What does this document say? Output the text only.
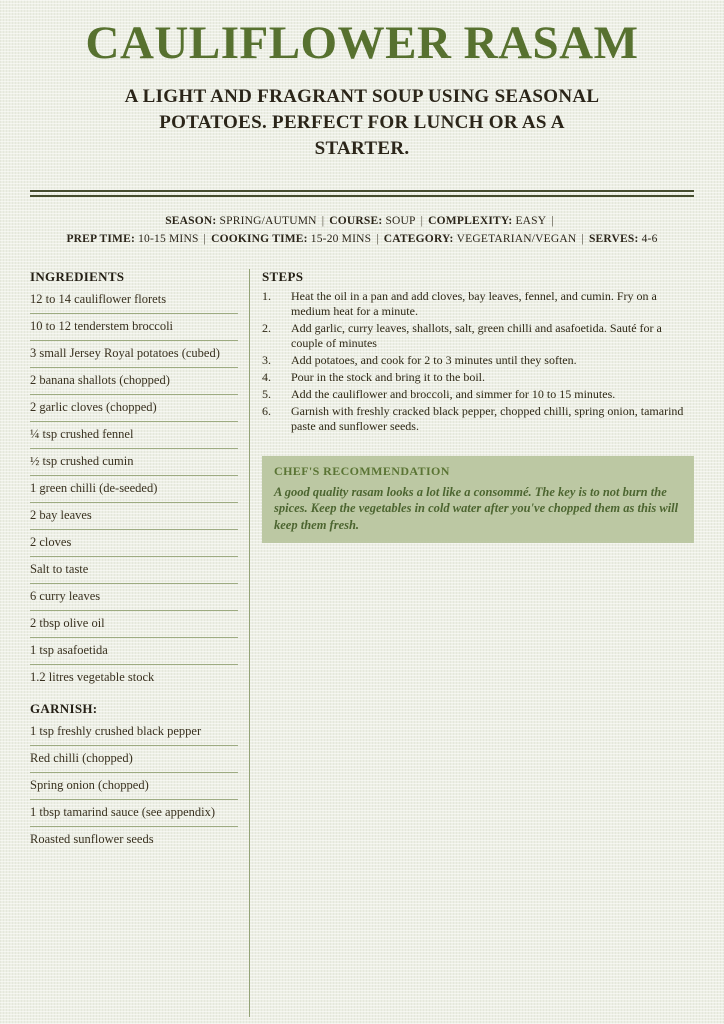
CAULIFLOWER RASAM

A LIGHT AND FRAGRANT SOUP USING SEASONAL POTATOES. PERFECT FOR LUNCH OR AS A STARTER.

SEASON: SPRING/AUTUMN | COURSE: SOUP | COMPLEXITY: EASY |

PREP TIME: 10-15 MINS | COOKING TIME: 15-20 MINS | CATEGORY: VEGETARIAN/VEGAN | SERVES: 4-6

INGREDIENTS
12 to 14 cauliflower florets
10 to 12 tenderstem broccoli
3 small Jersey Royal potatoes (cubed)
2 banana shallots (chopped)
2 garlic cloves (chopped)
¼ tsp crushed fennel
½ tsp crushed cumin
1 green chilli (de-seeded)
2 bay leaves
2 cloves
Salt to taste
6 curry leaves
2 tbsp olive oil
1 tsp asafoetida
1.2 litres vegetable stock
GARNISH:
1 tsp freshly crushed black pepper
Red chilli (chopped)
Spring onion (chopped)
1 tbsp tamarind sauce (see appendix)
Roasted sunflower seeds
STEPS
1.	Heat the oil in a pan and add cloves, bay leaves, fennel, and cumin. Fry on a medium heat for a minute.
2.	Add garlic, curry leaves, shallots, salt, green chilli and asafoetida. Sauté for a couple of minutes
3.	Add potatoes, and cook for 2 to 3 minutes until they soften.
4.	Pour in the stock and bring it to the boil.
5.	Add the cauliflower and broccoli, and simmer for 10 to 15 minutes.
6.	Garnish with freshly cracked black pepper, chopped chilli, spring onion, tamarind paste and sunflower seeds.
CHEF'S RECOMMENDATION

A good quality rasam looks a lot like a consommé. The key is to not burn the spices. Keep the vegetables in cold water after you've chopped them as this will keep them fresh.
